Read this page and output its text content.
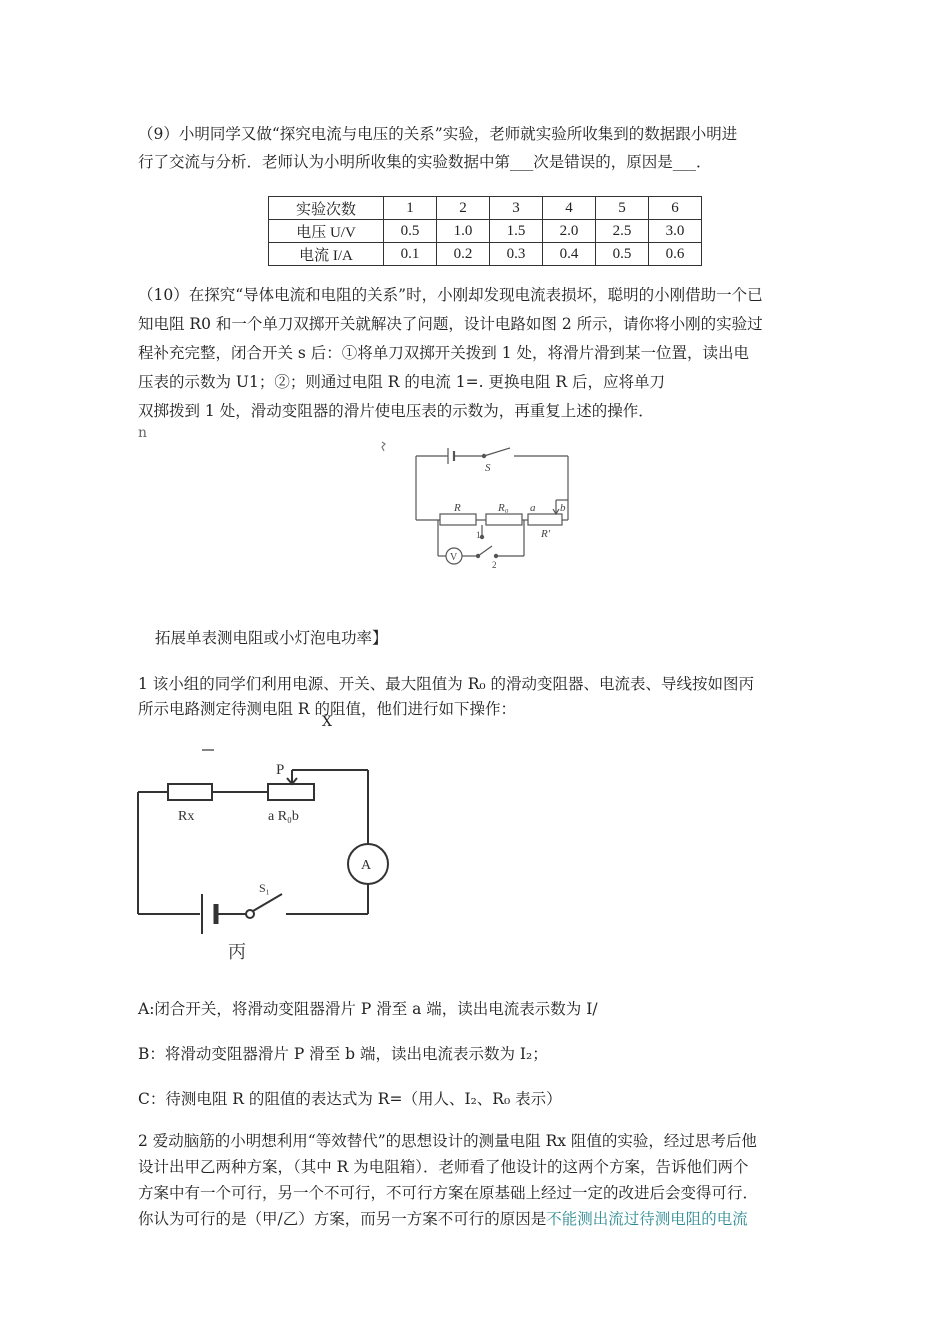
（9）小明同学又做“探究电流与电压的关系”实验，老师就实验所收集到的数据跟小明进
行了交流与分析．老师认为小明所收集的实验数据中第___次是错误的，原因是___．
实验次数	1	2	3	4	5	6
电压 U/V	0.5	1.0	1.5	2.0	2.5	3.0
电流 I/A	0.1	0.2	0.3	0.4	0.5	0.6
（10）在探究“导体电流和电阻的关系”时，小刚却发现电流表损坏，聪明的小刚借助一个已
知电阻 R0 和一个单刀双掷开关就解决了问题，设计电路如图 2 所示，请你将小刚的实验过
程补充完整，闭合开关 s 后：①将单刀双掷开关拨到 1 处，将滑片滑到某一位置，读出电
压表的示数为 U1；②；则通过电阻 R 的电流 1=. 更换电阻 R 后，应将单刀
双掷拨到 1 处，滑动变阻器的滑片使电压表的示数为，再重复上述的操作．
n
S
R	R₀ a b
R'
V
1
2
拓展单表测电阻或小灯泡电功率】
1 该小组的同学们利用电源、开关、最大阻值为 R₀ 的滑动变阻器、电流表、导线按如图丙
所示电路测定待测电阻 R 的阻值，他们进行如下操作：
X
P
Rx	a R₀b
A
S₁
丙
A:闭合开关，将滑动变阻器滑片 P 滑至 a 端，读出电流表示数为 I/
B：将滑动变阻器滑片 P 滑至 b 端，读出电流表示数为 I₂；
C：待测电阻 R 的阻值的表达式为 R=（用人、I₂、R₀ 表示）
2 爱动脑筋的小明想利用“等效替代”的思想设计的测量电阻 Rx 阻值的实验，经过思考后他
设计出甲乙两种方案，（其中 R 为电阻箱）．老师看了他设计的这两个方案，告诉他们两个
方案中有一个可行，另一个不可行，不可行方案在原基础上经过一定的改进后会变得可行．
你认为可行的是（甲/乙）方案，而另一方案不可行的原因是不能测出流过待测电阻的电流
